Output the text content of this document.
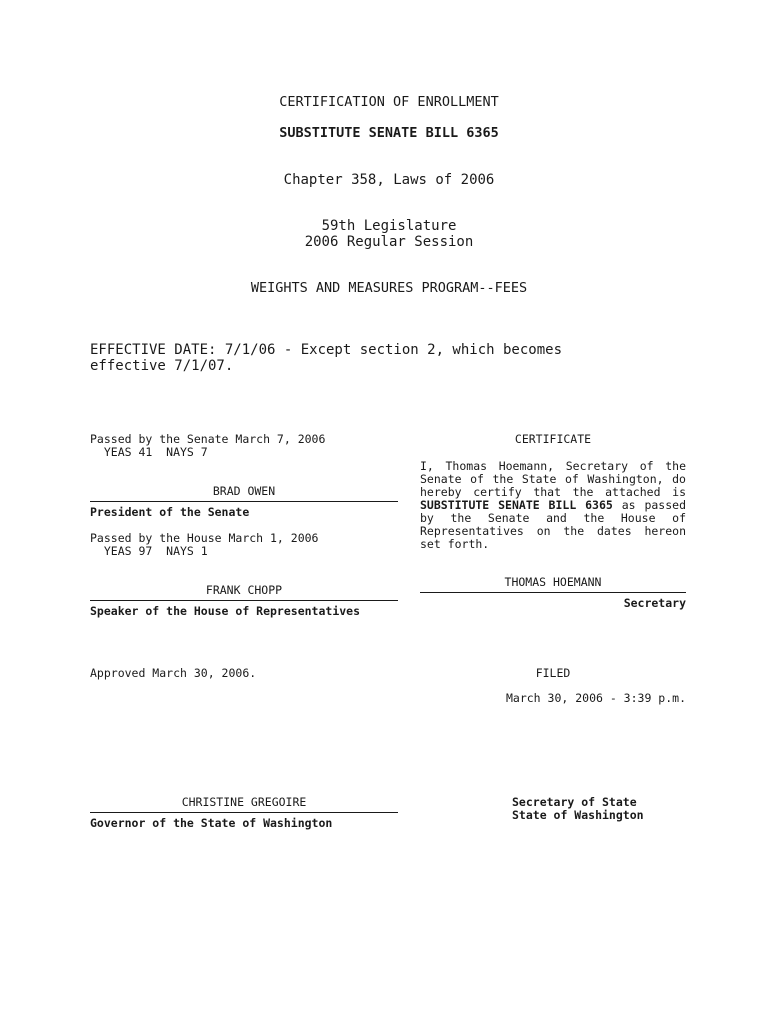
CERTIFICATION OF ENROLLMENT
SUBSTITUTE SENATE BILL 6365
Chapter 358, Laws of 2006
59th Legislature
2006 Regular Session
WEIGHTS AND MEASURES PROGRAM--FEES
EFFECTIVE DATE: 7/1/06 - Except section 2, which becomes
effective 7/1/07.
Passed by the Senate March 7, 2006
YEAS 41  NAYS 7
BRAD OWEN
President of the Senate
Passed by the House March 1, 2006
YEAS 97  NAYS 1
FRANK CHOPP
Speaker of the House of Representatives
CERTIFICATE
I, Thomas Hoemann, Secretary of the Senate of the State of Washington, do hereby certify that the attached is SUBSTITUTE SENATE BILL 6365 as passed by the Senate and the House of Representatives on the dates hereon set forth.
THOMAS HOEMANN
Secretary
Approved March 30, 2006.
CHRISTINE GREGOIRE
Governor of the State of Washington
FILED
March 30, 2006 - 3:39 p.m.
Secretary of State
State of Washington
